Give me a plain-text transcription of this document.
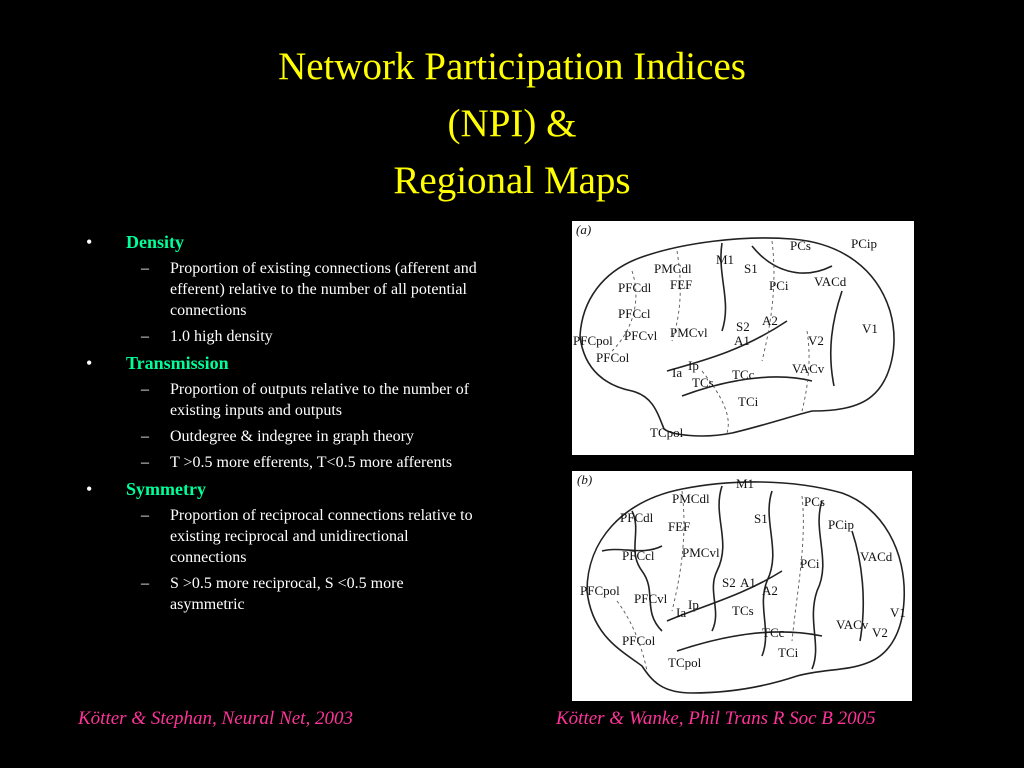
Network Participation Indices
(NPI) &
Regional Maps
• Density
– Proportion of existing connections (afferent and efferent) relative to the number of all potential connections
– 1.0 high density
• Transmission
– Proportion of outputs relative to the number of existing inputs and outputs
– Outdegree & indegree in graph theory
– T >0.5 more efferents, T<0.5 more afferents
• Symmetry
– Proportion of reciprocal connections relative to existing reciprocal and unidirectional connections
– S >0.5 more reciprocal, S <0.5 more asymmetric
(a)
M1
PCs	PCip
PMCdl	S1
FEF
PFCdl	PCi VACd
PFCcl
V1
S2 A2
PMCvl
PFCvl	A1
PFCpol	V2
PFCol
Ip
Ia	TCc	VACv
TCs
TCi
TCpol
(b)	M1
PMCdl	PCs
PFCdl
FEF
S1	PCip
PFCcl PMCvl	VACd
PCi
PFCpol
S2 A1
A2
PFCvl Ip
V1
Ia	TCs
VACv
V2
PFCol
TCc
TCpol
TCi
Kötter & Stephan, Neural Net, 2003	Kötter & Wanke, Phil Trans R Soc B 2005
